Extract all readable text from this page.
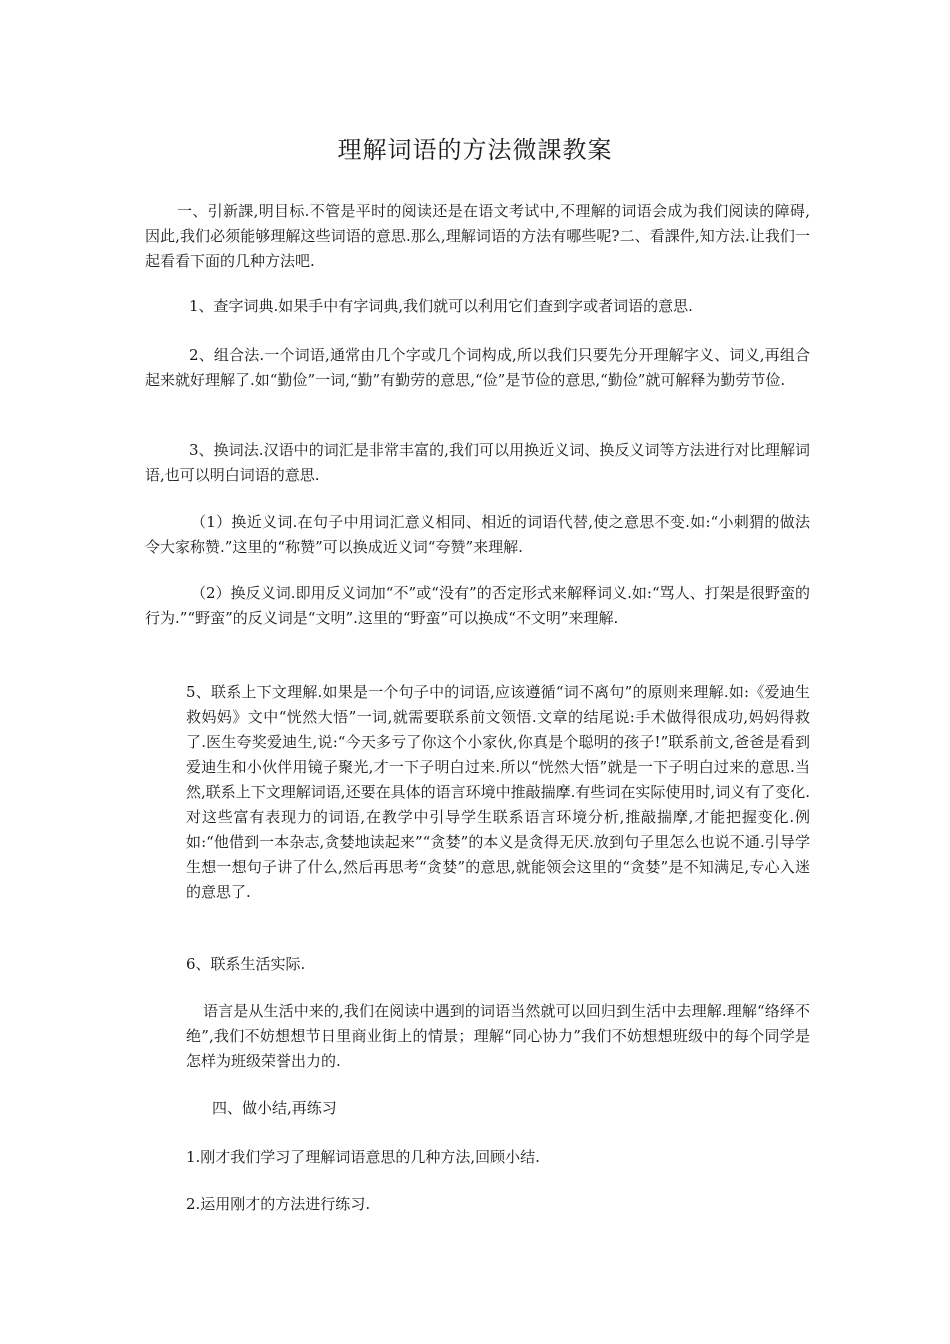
理解词语的方法微課教案

一、引新課,明目标.不管是平时的阅读还是在语文考试中,不理解的词语会成为我们阅读的障碍,因此,我们必须能够理解这些词语的意思.那么,理解词语的方法有哪些呢?二、看課件,知方法.让我们一起看看下面的几种方法吧.

1、查字词典.如果手中有字词典,我们就可以利用它们查到字或者词语的意思.

2、组合法.一个词语,通常由几个字或几个词构成,所以我们只要先分开理解字义、词义,再组合起来就好理解了.如“勤俭”一词,“勤”有勤劳的意思,“俭”是节俭的意思,“勤俭”就可解释为勤劳节俭.

3、换词法.汉语中的词汇是非常丰富的,我们可以用换近义词、换反义词等方法进行对比理解词语,也可以明白词语的意思.

（1）换近义词.在句子中用词汇意义相同、相近的词语代替,使之意思不变.如:“小刺猬的做法令大家称赞.”这里的“称赞”可以换成近义词“夸赞”来理解.

（2）换反义词.即用反义词加“不”或“没有”的否定形式来解释词义.如:“骂人、打架是很野蛮的行为.”“野蛮”的反义词是“文明”.这里的“野蛮”可以换成“不文明”来理解.

5、联系上下文理解.如果是一个句子中的词语,应该遵循“词不离句”的原则来理解.如:《爱迪生救妈妈》文中“恍然大悟”一词,就需要联系前文领悟.文章的结尾说:手术做得很成功,妈妈得救了.医生夸奖爱迪生,说:“今天多亏了你这个小家伙,你真是个聪明的孩子!”联系前文,爸爸是看到爱迪生和小伙伴用镜子聚光,才一下子明白过来.所以“恍然大悟”就是一下子明白过来的意思.当然,联系上下文理解词语,还要在具体的语言环境中推敲揣摩.有些词在实际使用时,词义有了变化.对这些富有表现力的词语,在教学中引导学生联系语言环境分析,推敲揣摩,才能把握变化.例如:“他借到一本杂志,贪婪地读起来”“贪婪”的本义是贪得无厌.放到句子里怎么也说不通.引导学生想一想句子讲了什么,然后再思考“贪婪”的意思,就能领会这里的“贪婪”是不知满足,专心入迷的意思了.

6、联系生活实际.

语言是从生活中来的,我们在阅读中遇到的词语当然就可以回归到生活中去理解.理解“络绎不绝”,我们不妨想想节日里商业街上的情景；理解“同心协力”我们不妨想想班级中的每个同学是怎样为班级荣誉出力的.

四、做小结,再练习

1.刚才我们学习了理解词语意思的几种方法,回顾小结.

2.运用刚才的方法进行练习.
